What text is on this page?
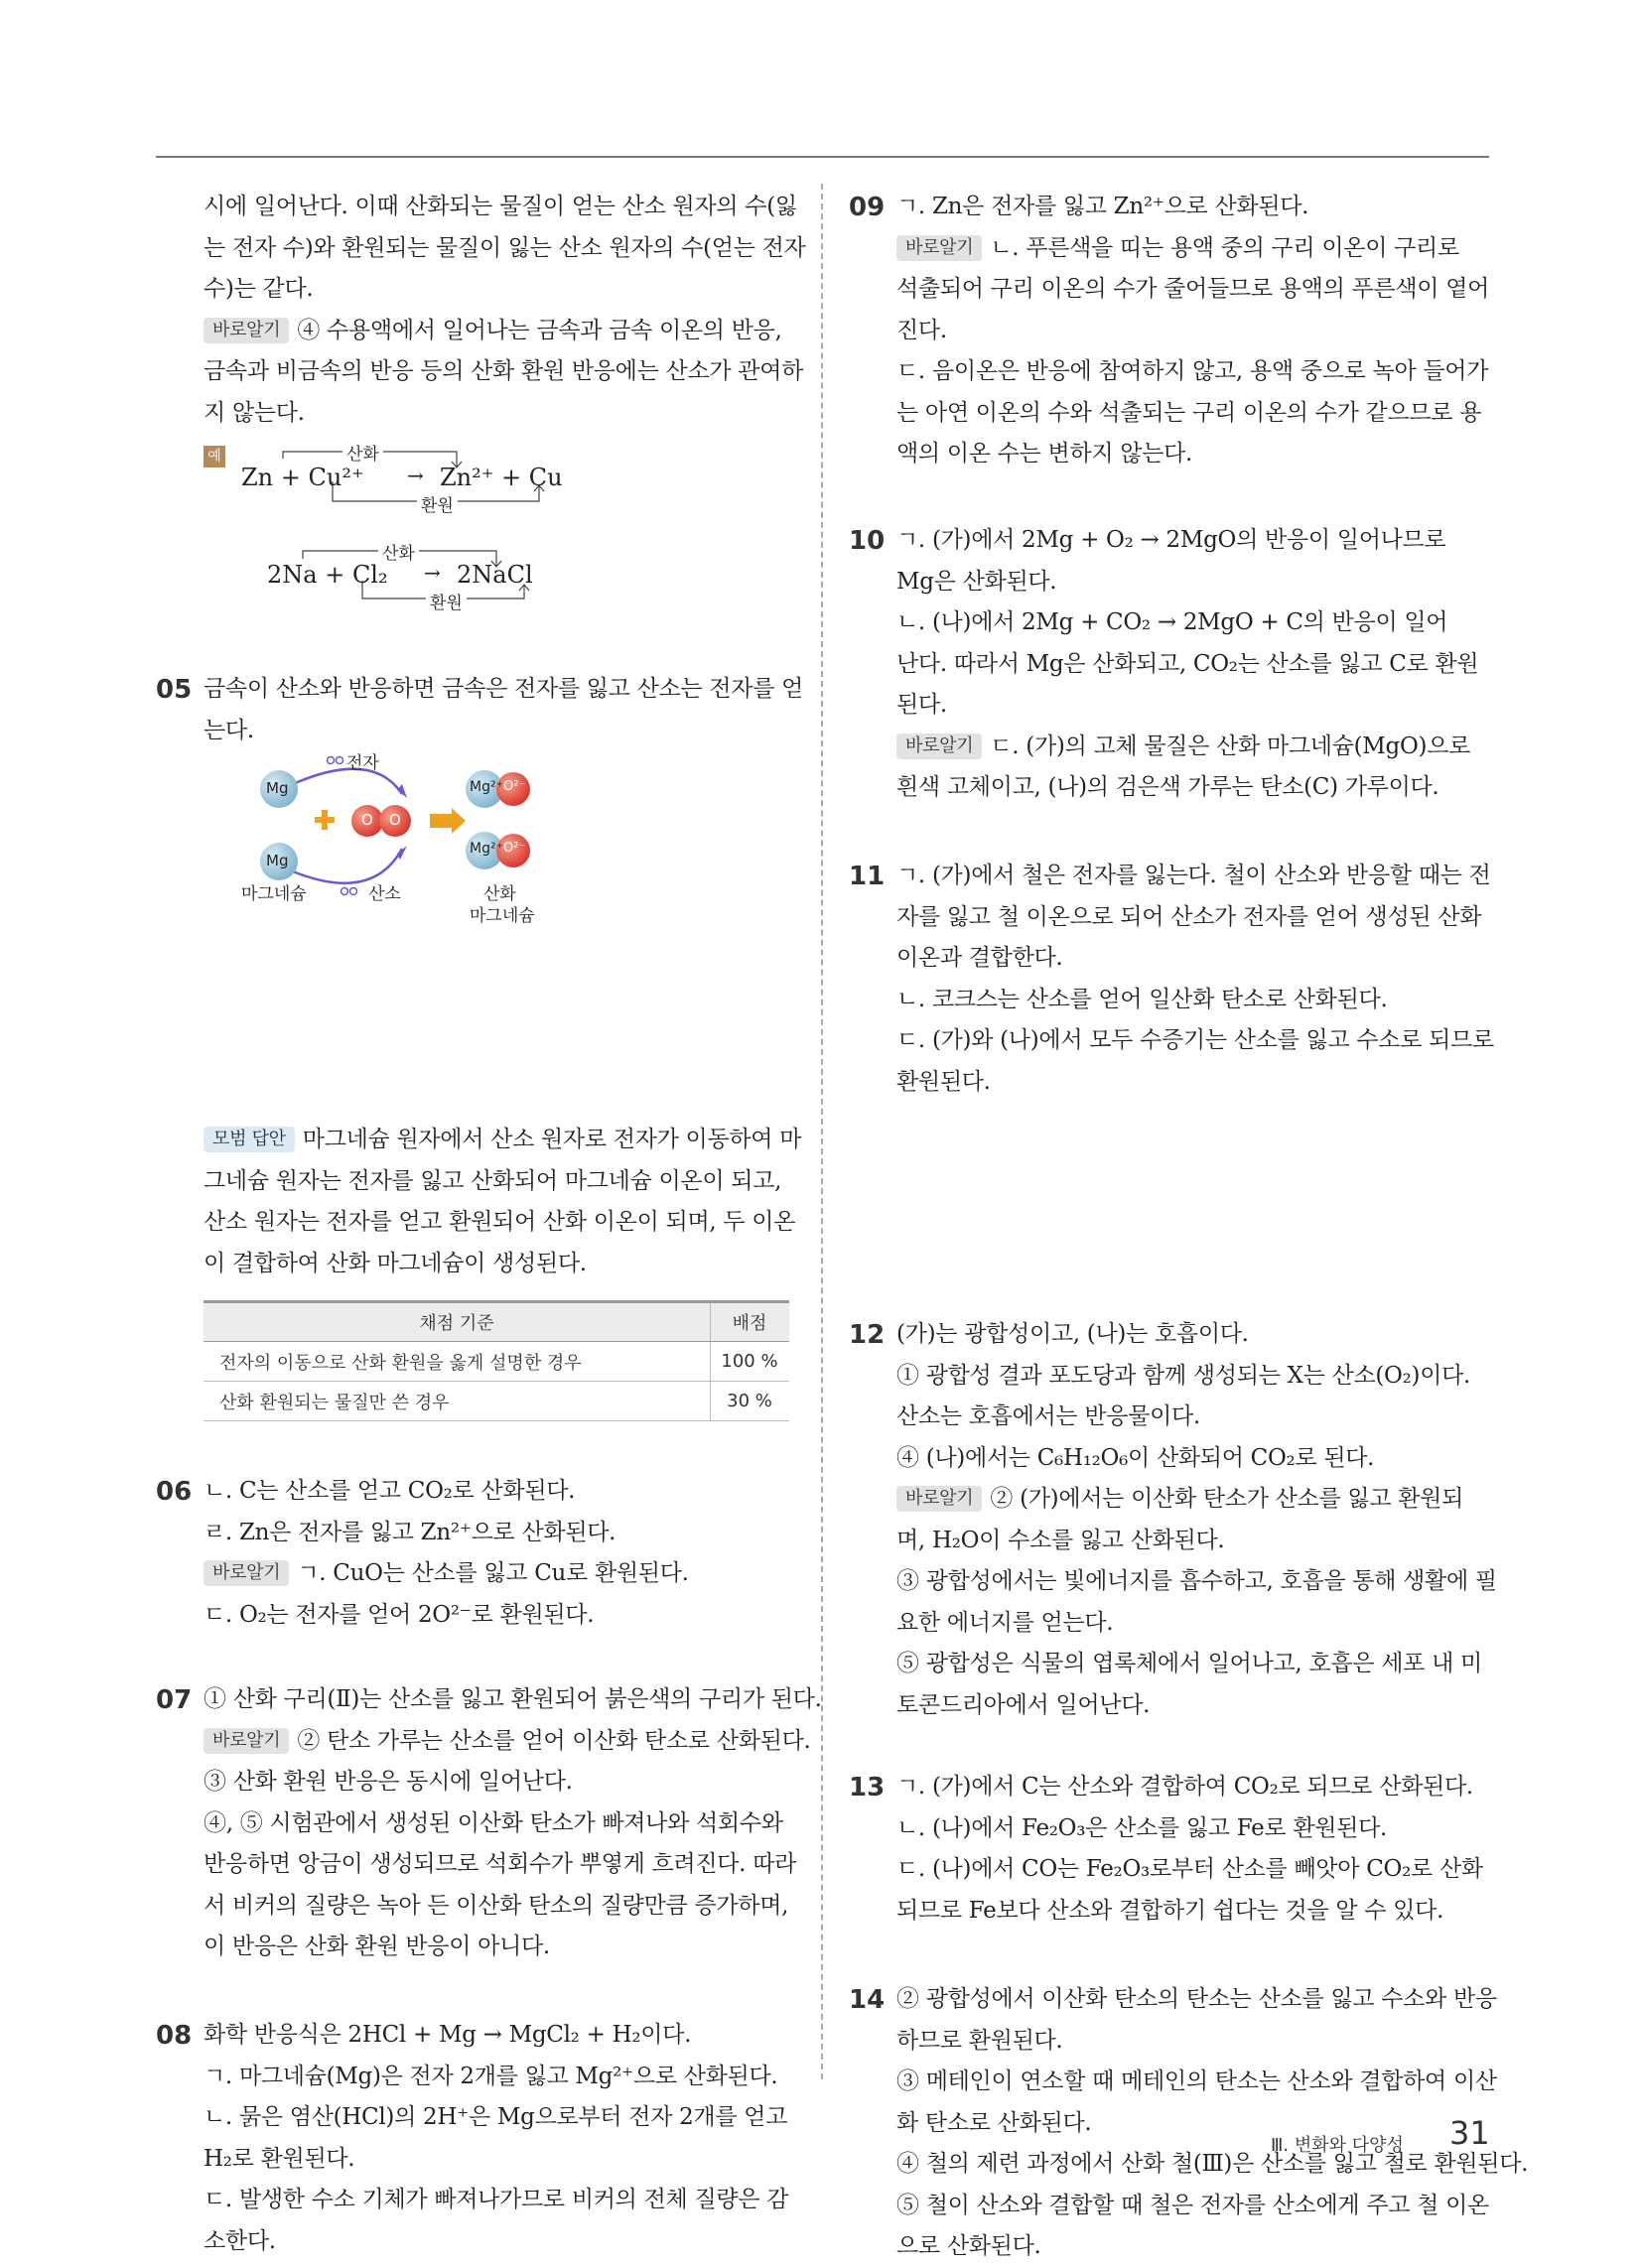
시에 일어난다. 이때 산화되는 물질이 얻는 산소 원자의 수(잃

는 전자 수)와 환원되는 물질이 잃는 산소 원자의 수(얻는 전자

수)는 같다.

바로알기 ④ 수용액에서 일어나는 금속과 금속 이온의 반응,

금속과 비금속의 반응 등의 산화 환원 반응에는 산소가 관여하

지 않는다.

예	산화
Zn + Cu²⁺ → Zn²⁺ + Cu
환원
산화
2Na + Cl₂ → 2NaCl
환원
05 금속이 산소와 반응하면 금속은 전자를 잃고 산소는 전자를 얻

는다.

전자
Mg
Mg
O O
Mg²⁺ O²⁻
Mg²⁺ O²⁻
마그네슘	산소	산화
마그네슘

모범 답안 마그네슘 원자에서 산소 원자로 전자가 이동하여 마

그네슘 원자는 전자를 잃고 산화되어 마그네슘 이온이 되고,

산소 원자는 전자를 얻고 환원되어 산화 이온이 되며, 두 이온

이 결합하여 산화 마그네슘이 생성된다.

채점 기준	배점
전자의 이동으로 산화 환원을 옳게 설명한 경우	100 %
산화 환원되는 물질만 쓴 경우	30 %
06 ㄴ. C는 산소를 얻고 CO₂로 산화된다.

ㄹ. Zn은 전자를 잃고 Zn²⁺으로 산화된다.

바로알기 ㄱ. CuO는 산소를 잃고 Cu로 환원된다.

ㄷ. O₂는 전자를 얻어 2O²⁻로 환원된다.

07 ① 산화 구리(Ⅱ)는 산소를 잃고 환원되어 붉은색의 구리가 된다.

바로알기 ② 탄소 가루는 산소를 얻어 이산화 탄소로 산화된다.

③ 산화 환원 반응은 동시에 일어난다.

④, ⑤ 시험관에서 생성된 이산화 탄소가 빠져나와 석회수와

반응하면 앙금이 생성되므로 석회수가 뿌옇게 흐려진다. 따라

서 비커의 질량은 녹아 든 이산화 탄소의 질량만큼 증가하며,

이 반응은 산화 환원 반응이 아니다.

08 화학 반응식은 2HCl + Mg → MgCl₂ + H₂이다.

ㄱ. 마그네슘(Mg)은 전자 2개를 잃고 Mg²⁺으로 산화된다.

ㄴ. 묽은 염산(HCl)의 2H⁺은 Mg으로부터 전자 2개를 얻고

H₂로 환원된다.

ㄷ. 발생한 수소 기체가 빠져나가므로 비커의 전체 질량은 감

소한다.

09 ㄱ. Zn은 전자를 잃고 Zn²⁺으로 산화된다.

바로알기 ㄴ. 푸른색을 띠는 용액 중의 구리 이온이 구리로

석출되어 구리 이온의 수가 줄어들므로 용액의 푸른색이 옅어

진다.

ㄷ. 음이온은 반응에 참여하지 않고, 용액 중으로 녹아 들어가

는 아연 이온의 수와 석출되는 구리 이온의 수가 같으므로 용

액의 이온 수는 변하지 않는다.

10 ㄱ. (가)에서 2Mg + O₂ → 2MgO의 반응이 일어나므로

Mg은 산화된다.

ㄴ. (나)에서 2Mg + CO₂ → 2MgO + C의 반응이 일어

난다. 따라서 Mg은 산화되고, CO₂는 산소를 잃고 C로 환원

된다.

바로알기 ㄷ. (가)의 고체 물질은 산화 마그네슘(MgO)으로

흰색 고체이고, (나)의 검은색 가루는 탄소(C) 가루이다.

11 ㄱ. (가)에서 철은 전자를 잃는다. 철이 산소와 반응할 때는 전

자를 잃고 철 이온으로 되어 산소가 전자를 얻어 생성된 산화

이온과 결합한다.

ㄴ. 코크스는 산소를 얻어 일산화 탄소로 산화된다.

ㄷ. (가)와 (나)에서 모두 수증기는 산소를 잃고 수소로 되므로

환원된다.

12 (가)는 광합성이고, (나)는 호흡이다.

① 광합성 결과 포도당과 함께 생성되는 X는 산소(O₂)이다.

산소는 호흡에서는 반응물이다.

④ (나)에서는 C₆H₁₂O₆이 산화되어 CO₂로 된다.

바로알기 ② (가)에서는 이산화 탄소가 산소를 잃고 환원되

며, H₂O이 수소를 잃고 산화된다.

③ 광합성에서는 빛에너지를 흡수하고, 호흡을 통해 생활에 필

요한 에너지를 얻는다.

⑤ 광합성은 식물의 엽록체에서 일어나고, 호흡은 세포 내 미

토콘드리아에서 일어난다.

13 ㄱ. (가)에서 C는 산소와 결합하여 CO₂로 되므로 산화된다.

ㄴ. (나)에서 Fe₂O₃은 산소를 잃고 Fe로 환원된다.

ㄷ. (나)에서 CO는 Fe₂O₃로부터 산소를 빼앗아 CO₂로 산화

되므로 Fe보다 산소와 결합하기 쉽다는 것을 알 수 있다.

14 ② 광합성에서 이산화 탄소의 탄소는 산소를 잃고 수소와 반응

하므로 환원된다.

③ 메테인이 연소할 때 메테인의 탄소는 산소와 결합하여 이산

화 탄소로 산화된다.

④ 철의 제련 과정에서 산화 철(Ⅲ)은 산소를 잃고 철로 환원된다.

⑤ 철이 산소와 결합할 때 철은 전자를 산소에게 주고 철 이온

으로 산화된다.

Ⅲ. 변화와 다양성 31
